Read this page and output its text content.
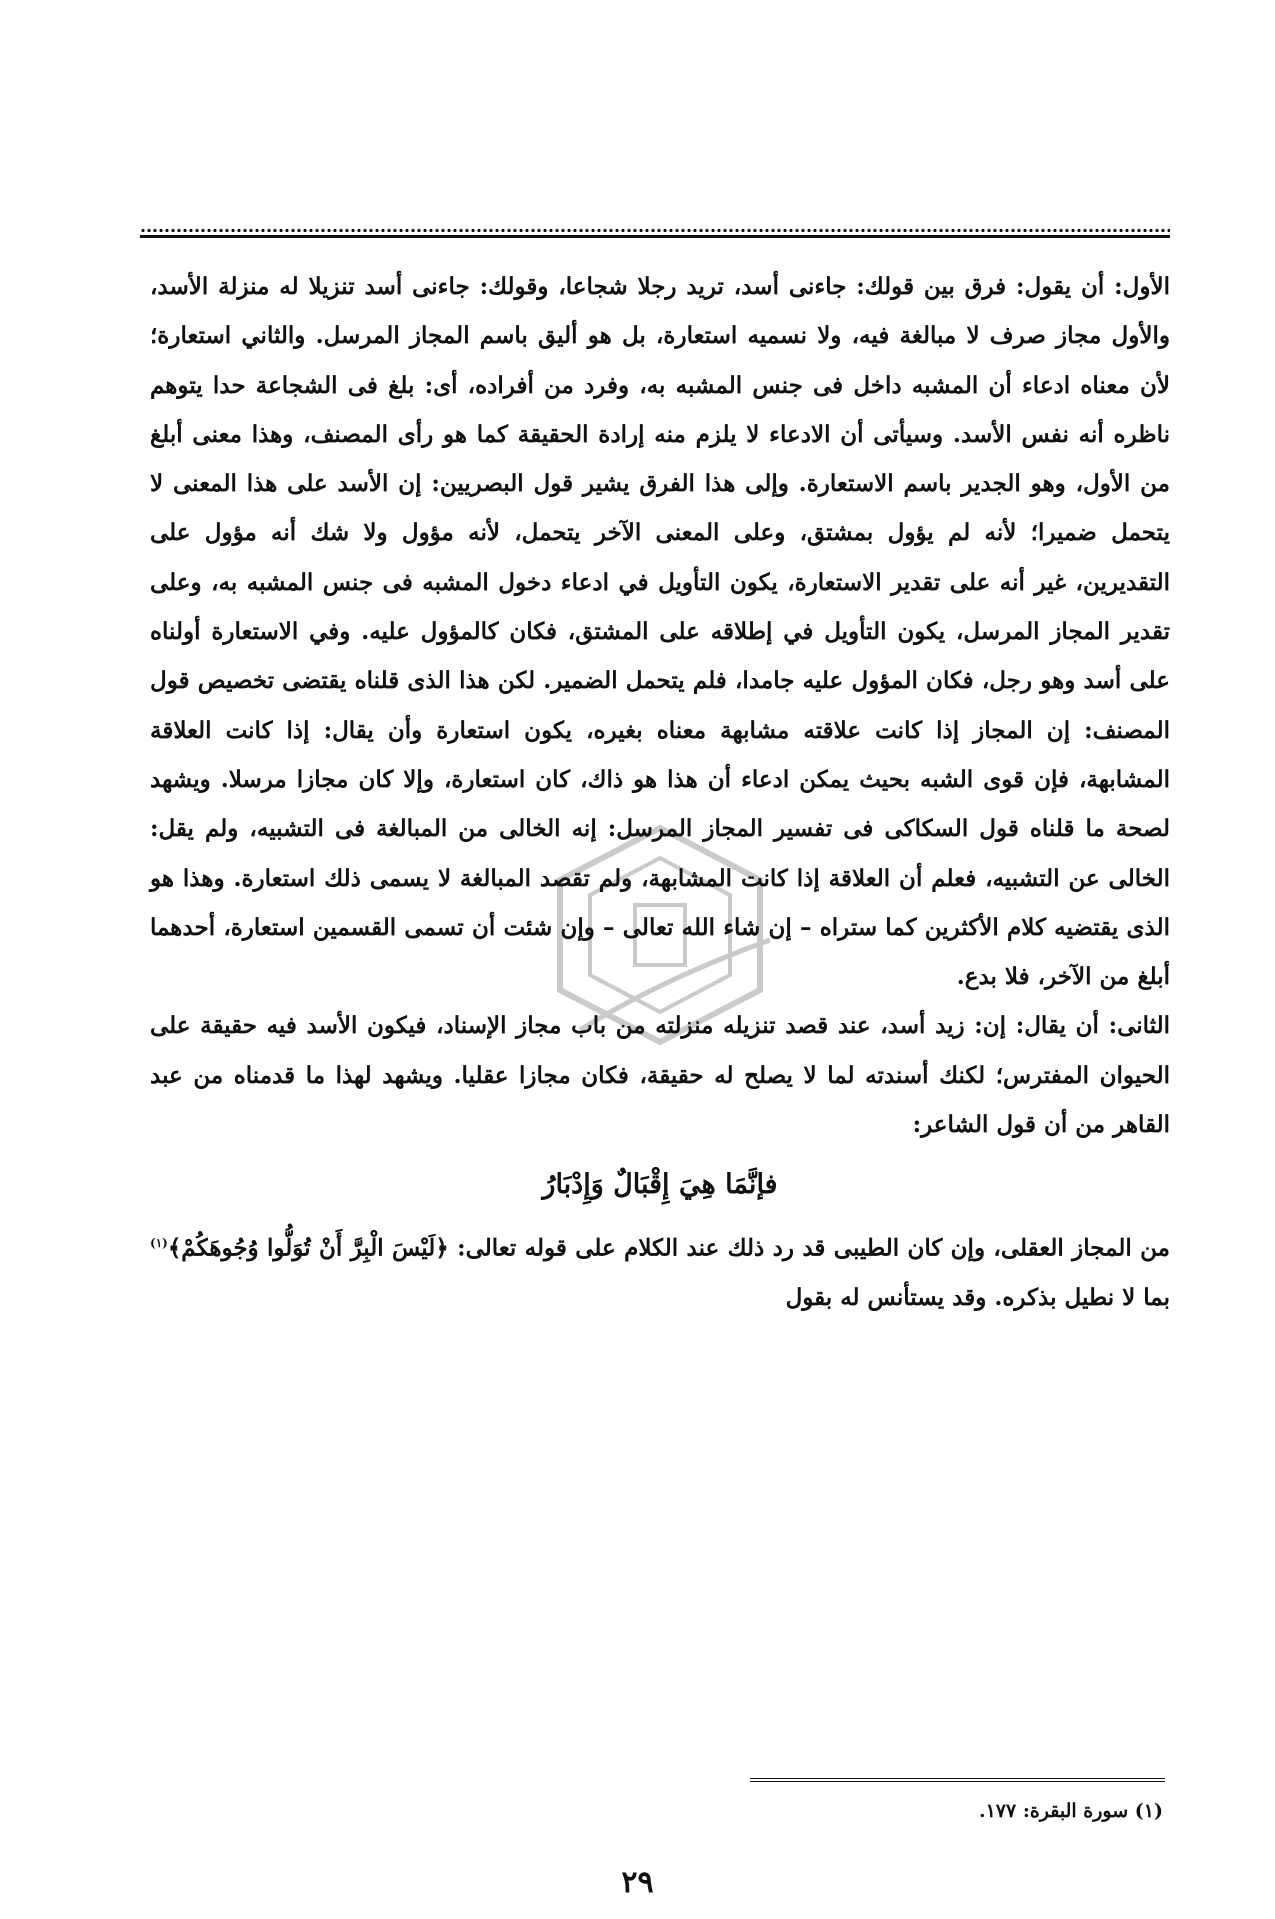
الأول: أن يقول: فرق بين قولك: جاءنى أسد، تريد رجلا شجاعا، وقولك: جاءنى أسد تنزيلا له منزلة الأسد، والأول مجاز صرف لا مبالغة فيه، ولا نسميه استعارة، بل هو أليق باسم المجاز المرسل. والثاني استعارة؛ لأن معناه ادعاء أن المشبه داخل فى جنس المشبه به، وفرد من أفراده، أى: بلغ فى الشجاعة حدا يتوهم ناظره أنه نفس الأسد. وسيأتى أن الادعاء لا يلزم منه إرادة الحقيقة كما هو رأى المصنف، وهذا معنى أبلغ من الأول، وهو الجدير باسم الاستعارة. وإلى هذا الفرق يشير قول البصريين: إن الأسد على هذا المعنى لا يتحمل ضميرا؛ لأنه لم يؤول بمشتق، وعلى المعنى الآخر يتحمل، لأنه مؤول ولا شك أنه مؤول على التقديرين، غير أنه على تقدير الاستعارة، يكون التأويل في ادعاء دخول المشبه فى جنس المشبه به، وعلى تقدير المجاز المرسل، يكون التأويل في إطلاقه على المشتق، فكان كالمؤول عليه. وفي الاستعارة أولناه على أسد وهو رجل، فكان المؤول عليه جامدا، فلم يتحمل الضمير. لكن هذا الذى قلناه يقتضى تخصيص قول المصنف: إن المجاز إذا كانت علاقته مشابهة معناه بغيره، يكون استعارة وأن يقال: إذا كانت العلاقة المشابهة، فإن قوى الشبه بحيث يمكن ادعاء أن هذا هو ذاك، كان استعارة، وإلا كان مجازا مرسلا. ويشهد لصحة ما قلناه قول السكاكى فى تفسير المجاز المرسل: إنه الخالى من المبالغة فى التشبيه، ولم يقل: الخالى عن التشبيه، فعلم أن العلاقة إذا كانت المشابهة، ولم تقصد المبالغة لا يسمى ذلك استعارة. وهذا هو الذى يقتضيه كلام الأكثرين كما ستراه – إن شاء الله تعالى – وإن شئت أن تسمى القسمين استعارة، أحدهما أبلغ من الآخر، فلا بدع.

الثانى: أن يقال: إن: زيد أسد، عند قصد تنزيله منزلته من باب مجاز الإسناد، فيكون الأسد فيه حقيقة على الحيوان المفترس؛ لكنك أسندته لما لا يصلح له حقيقة، فكان مجازا عقليا. ويشهد لهذا ما قدمناه من عبد القاهر من أن قول الشاعر:

فإنَّمَا هِيَ إِقْبَالٌ وَإِدْبَارُ

من المجاز العقلى، وإن كان الطيبى قد رد ذلك عند الكلام على قوله تعالى: ﴿لَيْسَ الْبِرَّ أَنْ تُوَلُّوا وُجُوهَكُمْ﴾$^{(١)}$ بما لا نطيل بذكره. وقد يستأنس له بقول

(١) سورة البقرة: ١٧٧.
٢٩
